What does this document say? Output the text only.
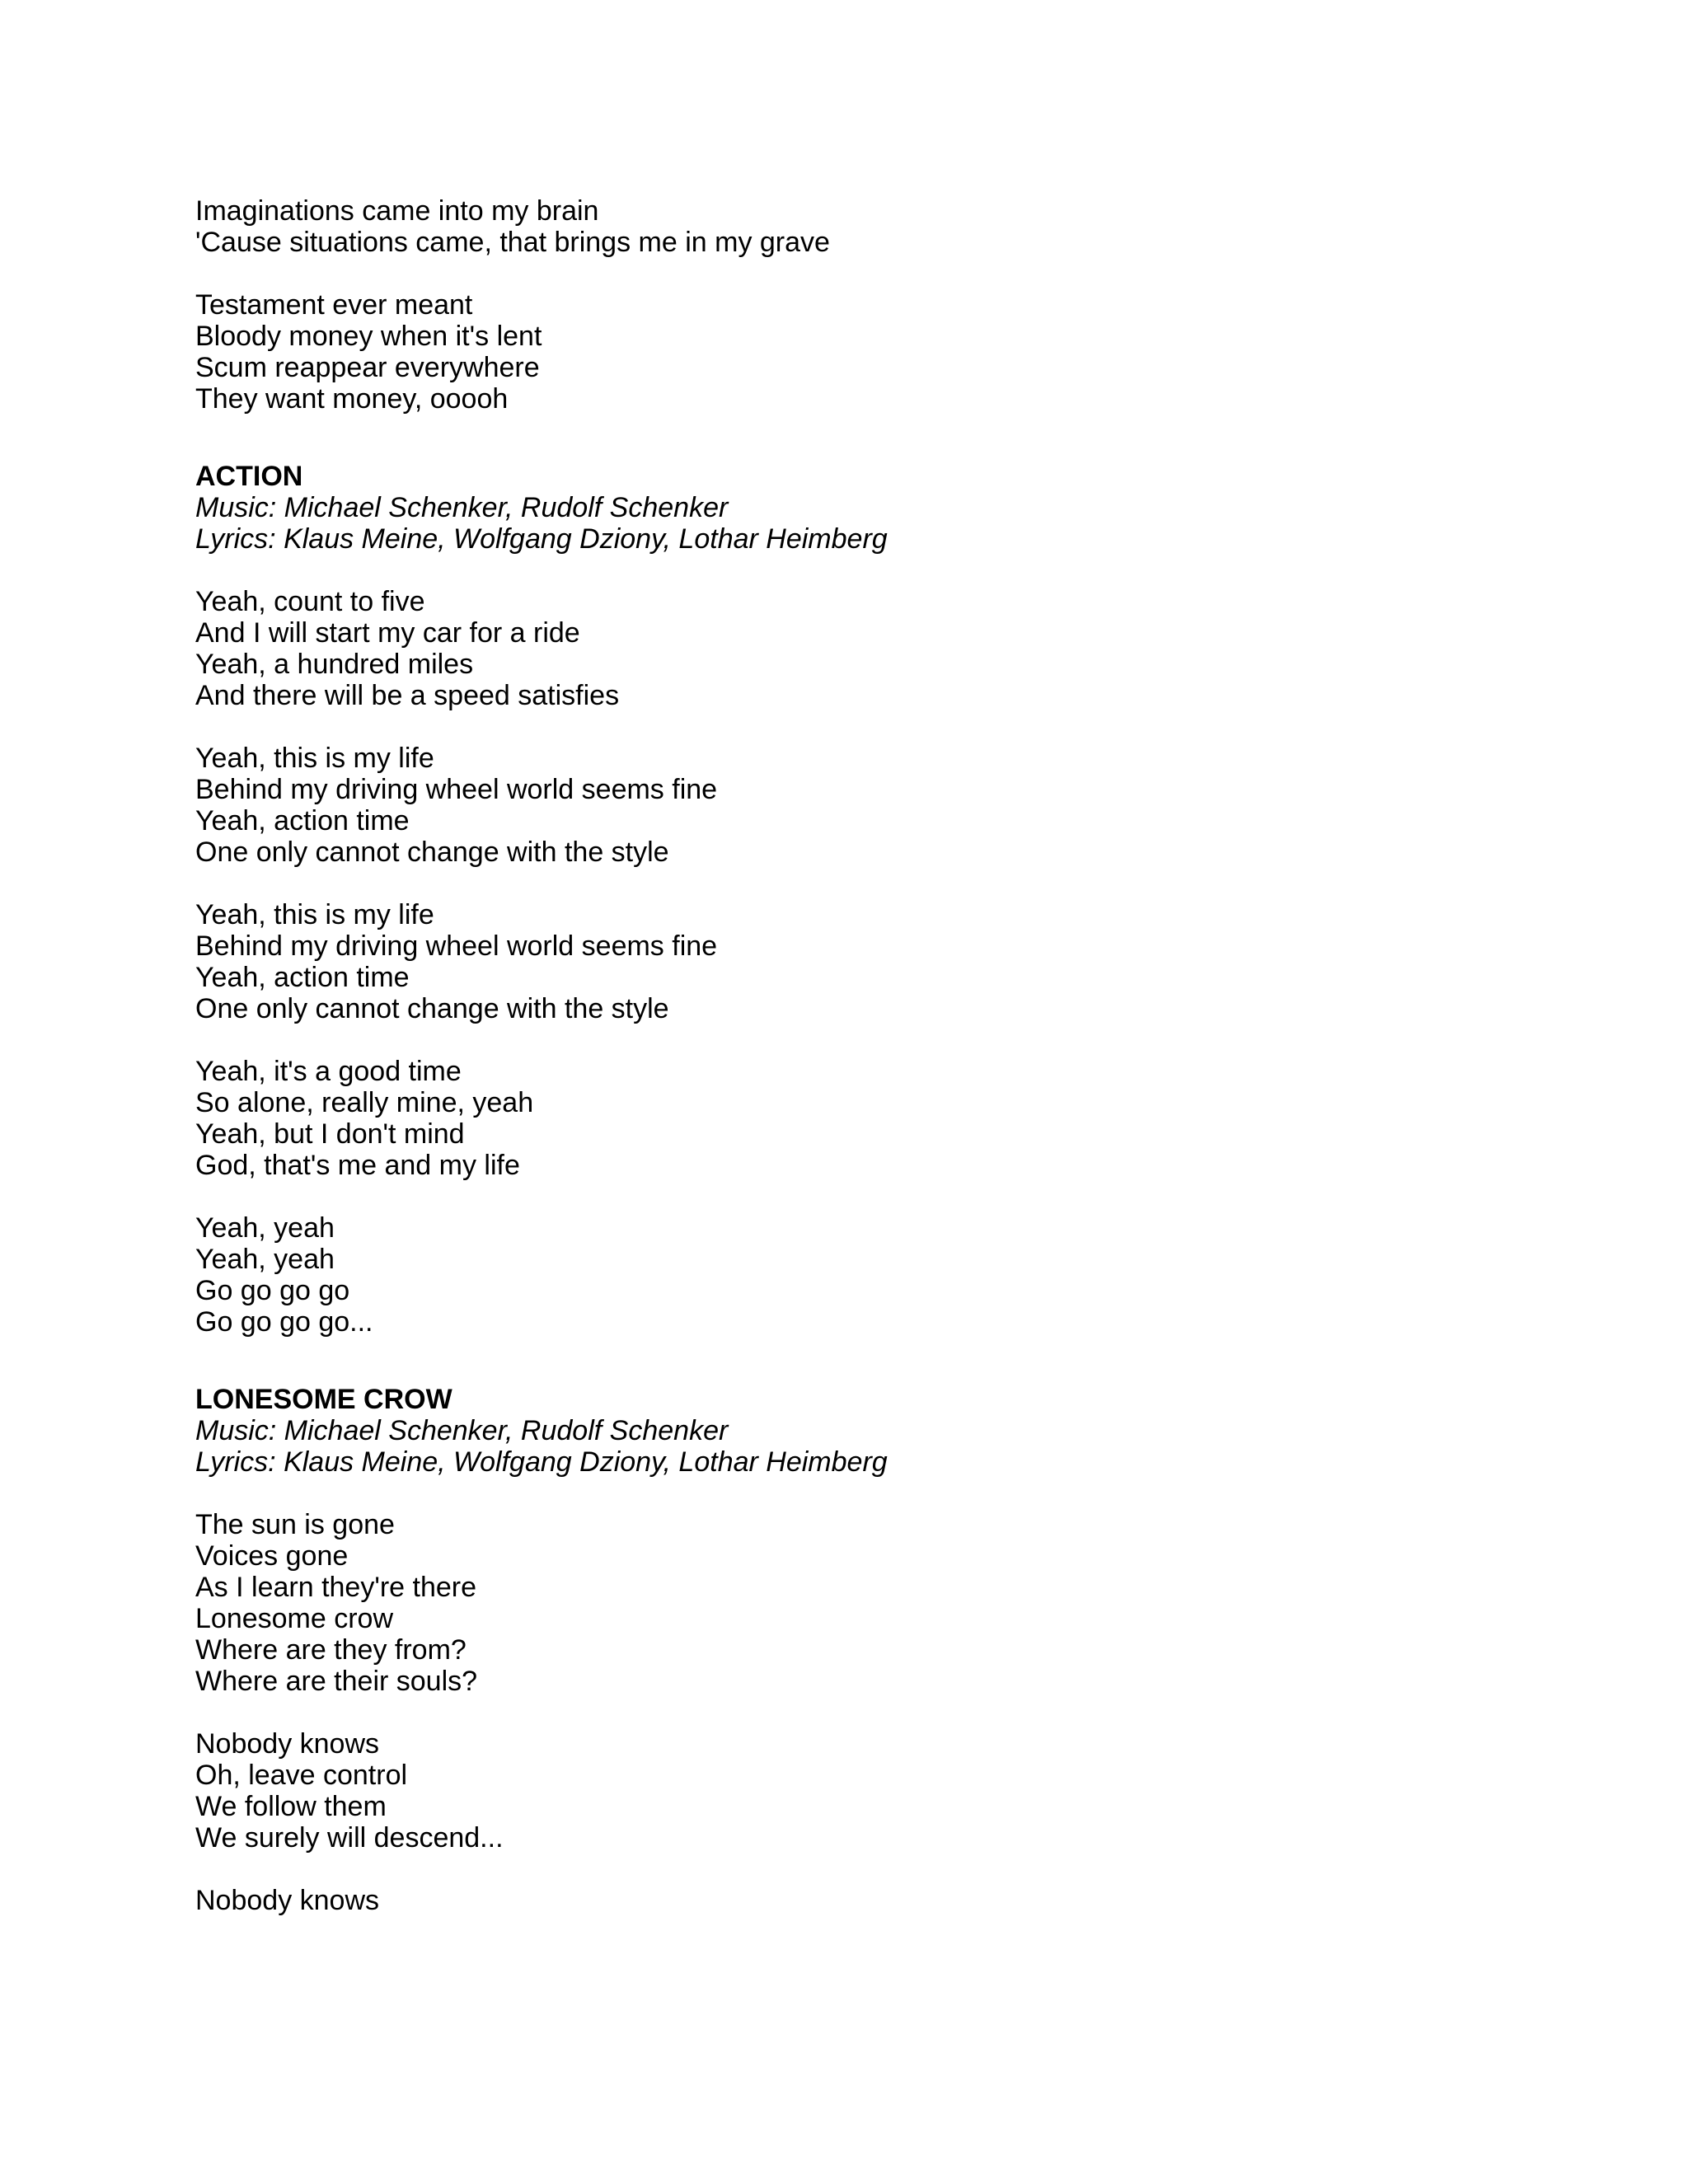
Imaginations came into my brain
'Cause situations came, that brings me in my grave
Testament ever meant
Bloody money when it's lent
Scum reappear everywhere
They want money, ooooh
ACTION
Music: Michael Schenker, Rudolf Schenker
Lyrics: Klaus Meine, Wolfgang Dziony, Lothar Heimberg
Yeah, count to five
And I will start my car for a ride
Yeah, a hundred miles
And there will be a speed satisfies
Yeah, this is my life
Behind my driving wheel world seems fine
Yeah, action time
One only cannot change with the style
Yeah, this is my life
Behind my driving wheel world seems fine
Yeah, action time
One only cannot change with the style
Yeah, it's a good time
So alone, really mine, yeah
Yeah, but I don't mind
God, that's me and my life
Yeah, yeah
Yeah, yeah
Go go go go
Go go go go...
LONESOME CROW
Music: Michael Schenker, Rudolf Schenker
Lyrics: Klaus Meine, Wolfgang Dziony, Lothar Heimberg
The sun is gone
Voices gone
As I learn they're there
Lonesome crow
Where are they from?
Where are their souls?
Nobody knows
Oh, leave control
We follow them
We surely will descend...
Nobody knows
